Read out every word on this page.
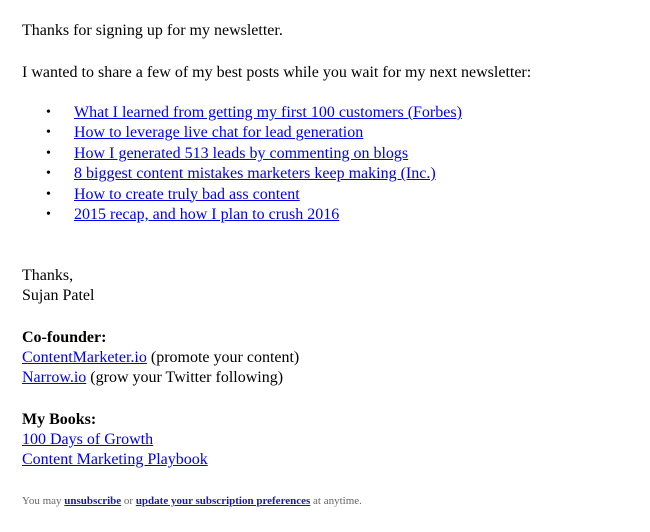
Thanks for signing up for my newsletter.

I wanted to share a few of my best posts while you wait for my next newsletter:

• What I learned from getting my first 100 customers (Forbes)
• How to leverage live chat for lead generation
• How I generated 513 leads by commenting on blogs
• 8 biggest content mistakes marketers keep making (Inc.)
• How to create truly bad ass content
• 2015 recap, and how I plan to crush 2016
Thanks,
Sujan Patel
Co-founder:
ContentMarketer.io (promote your content)
Narrow.io (grow your Twitter following)
My Books:
100 Days of Growth
Content Marketing Playbook
You may unsubscribe or update your subscription preferences at anytime.
